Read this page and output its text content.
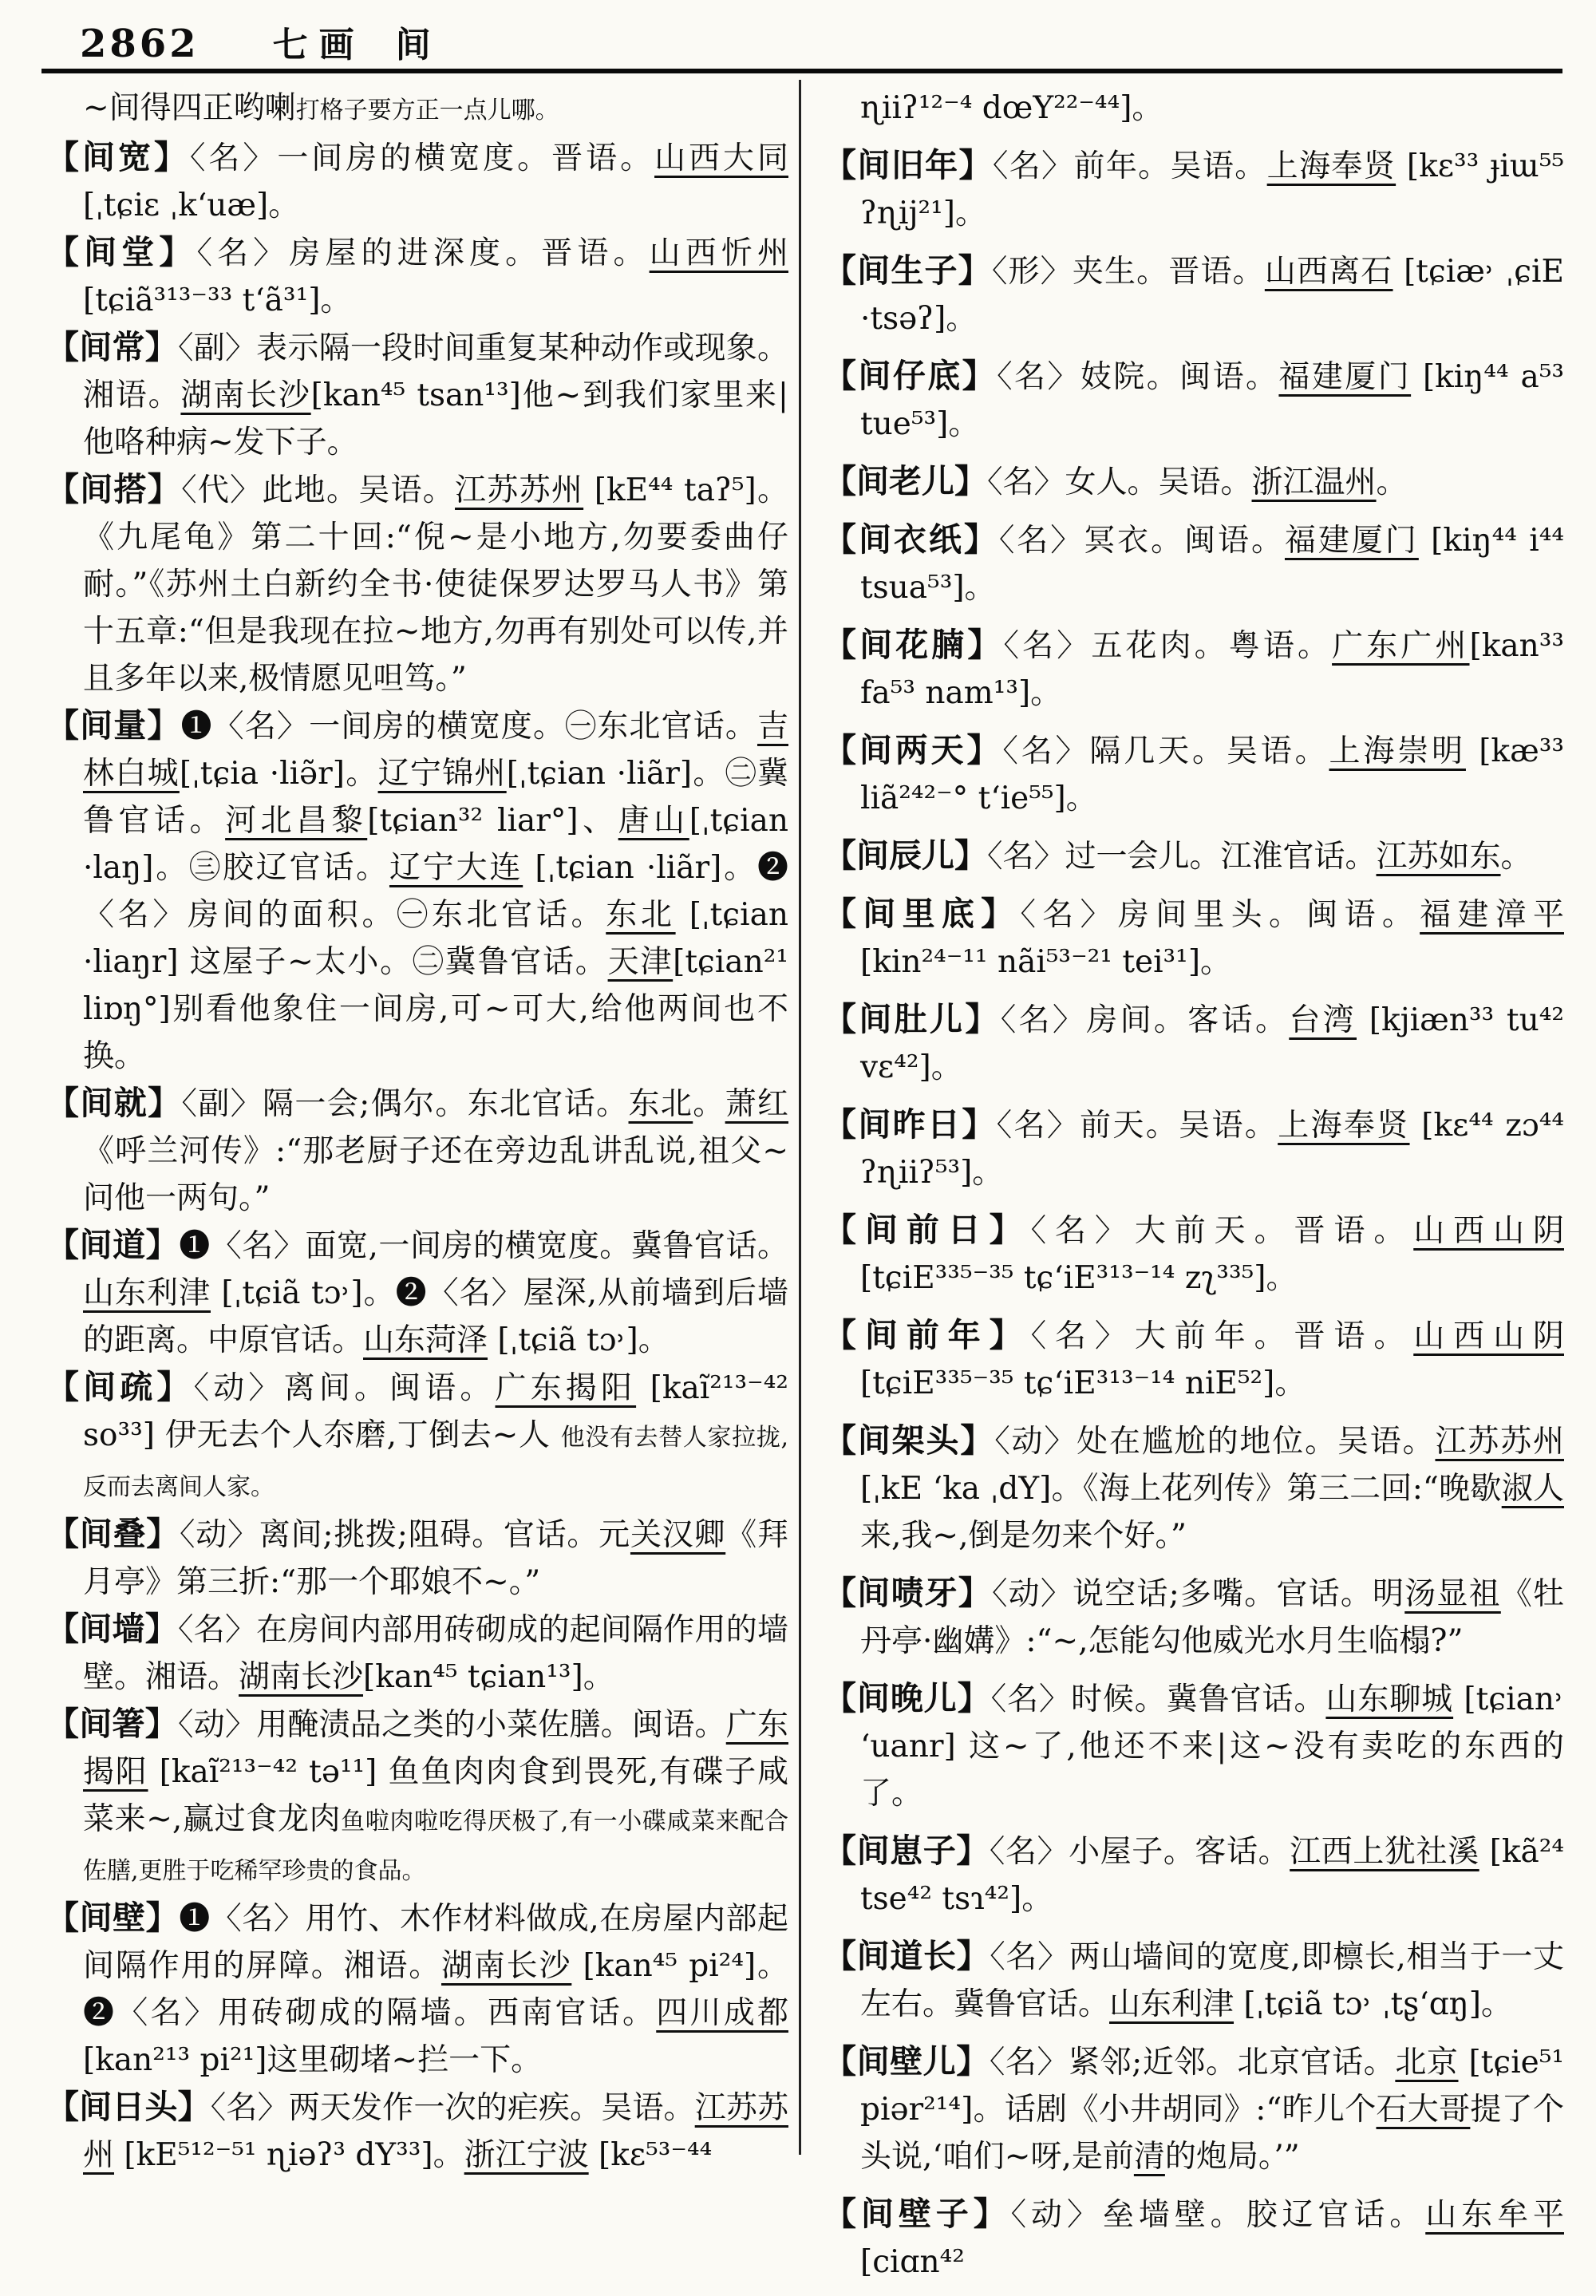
2862 七画 间

~间得四正哟喇打格子要方正一点儿哪。

【间宽】〈名〉一间房的横宽度。晋语。山西大同 [ˌtɕiɛ ˌkʻuæ]。

【间堂】〈名〉房屋的进深度。晋语。山西忻州[tɕiã³¹³⁻³³ tʻã³¹]。

【间常】〈副〉表示隔一段时间重复某种动作或现象。湘语。湖南长沙[kan⁴⁵ tsan¹³]他~到我们家里来|他咯种病~发下子。

【间搭】〈代〉此地。吴语。江苏苏州 [kE⁴⁴ taʔ⁵]。《九尾龟》第二十回:“倪~是小地方,勿要委曲仔耐。”《苏州土白新约全书·使徒保罗达罗马人书》第十五章:“但是我现在拉~地方,勿再有别处可以传,并且多年以来,极情愿见呾笃。”

【间量】❶〈名〉一间房的横宽度。㊀东北官话。吉林白城[ˌtɕia ·liə̃r]。辽宁锦州[ˌtɕian ·liãr]。㊁冀鲁官话。河北昌黎[tɕian³² liar°]、唐山[ˌtɕian ·laŋ]。㊂胶辽官话。辽宁大连 [ˌtɕian ·liãr]。❷〈名〉房间的面积。㊀东北官话。东北 [ˌtɕian ·liaŋr] 这屋子~太小。㊁冀鲁官话。天津[tɕian²¹ liɒŋ°]别看他象住一间房,可~可大,给他两间也不换。

【间就】〈副〉隔一会;偶尔。东北官话。东北。萧红《呼兰河传》:“那老厨子还在旁边乱讲乱说,祖父~问他一两句。”

【间道】❶〈名〉面宽,一间房的横宽度。冀鲁官话。山东利津 [ˌtɕiã tɔ˒]。❷〈名〉屋深,从前墙到后墙的距离。中原官话。山东菏泽 [ˌtɕiã tɔ˒]。

【间疏】〈动〉离间。闽语。广东揭阳 [kaĩ²¹³⁻⁴² so³³] 伊无去个人夵磨,丁倒去~人 他没有去替人家拉拢,反而去离间人家。

【间叠】〈动〉离间;挑拨;阻碍。官话。元关汉卿《拜月亭》第三折:“那一个耶娘不~。”

【间墙】〈名〉在房间内部用砖砌成的起间隔作用的墙壁。湘语。湖南长沙[kan⁴⁵ tɕian¹³]。

【间箸】〈动〉用醃渍品之类的小菜佐膳。闽语。广东揭阳 [kaĩ²¹³⁻⁴² tə¹¹] 鱼鱼肉肉食到畏死,有碟子咸菜来~,赢过食龙肉鱼啦肉啦吃得厌极了,有一小碟咸菜来配合佐膳,更胜于吃稀罕珍贵的食品。

【间壁】❶〈名〉用竹、木作材料做成,在房屋内部起间隔作用的屏障。湘语。湖南长沙 [kan⁴⁵ pi²⁴]。❷〈名〉用砖砌成的隔墙。西南官话。四川成都 [kan²¹³ pi²¹]这里砌堵~拦一下。

【间日头】〈名〉两天发作一次的疟疾。吴语。江苏苏州 [kE⁵¹²⁻⁵¹ ɳiəʔ³ dY³³]。浙江宁波 [kɛ⁵³⁻⁴⁴

ɳiiʔ¹²⁻⁴ dœY²²⁻⁴⁴]。

【间旧年】〈名〉前年。吴语。上海奉贤 [kɛ³³ ɟiɯ⁵⁵ ʔɳij²¹]。

【间生子】〈形〉夹生。晋语。山西离石 [tɕiæ˒ ˌɕiE ·tsəʔ]。

【间仔底】〈名〉妓院。闽语。福建厦门 [kiŋ⁴⁴ a⁵³ tue⁵³]。

【间老儿】〈名〉女人。吴语。浙江温州。

【间衣纸】〈名〉冥衣。闽语。福建厦门 [kiŋ⁴⁴ i⁴⁴ tsua⁵³]。

【间花腩】〈名〉五花肉。粤语。广东广州[kan³³ fa⁵³ nam¹³]。

【间两天】〈名〉隔几天。吴语。上海崇明 [kæ³³ liã²⁴²⁻° tʻie⁵⁵]。

【间辰儿】〈名〉过一会儿。江淮官话。江苏如东。

【间里底】〈名〉房间里头。闽语。福建漳平[kin²⁴⁻¹¹ nãi⁵³⁻²¹ tei³¹]。

【间肚儿】〈名〉房间。客话。台湾 [kjiæn³³ tu⁴² vɛ⁴²]。

【间昨日】〈名〉前天。吴语。上海奉贤 [kɛ⁴⁴ zɔ⁴⁴ ʔɳiiʔ⁵³]。

【间前日】〈名〉大前天。晋语。山西山阴 [tɕiE³³⁵⁻³⁵ tɕʻiE³¹³⁻¹⁴ zʅ³³⁵]。

【间前年】〈名〉大前年。晋语。山西山阴 [tɕiE³³⁵⁻³⁵ tɕʻiE³¹³⁻¹⁴ niE⁵²]。

【间架头】〈动〉处在尴尬的地位。吴语。江苏苏州 [ˌkE ʻka ˌdY]。《海上花列传》第三二回:“晚歇淑人来,我~,倒是勿来个好。”

【间啧牙】〈动〉说空话;多嘴。官话。明汤显祖《牡丹亭·幽媾》:“~,怎能勾他威光水月生临榻?”

【间晚儿】〈名〉时候。冀鲁官话。山东聊城 [tɕian˒ ʻuanr] 这~了,他还不来|这~没有卖吃的东西的了。

【间崽子】〈名〉小屋子。客话。江西上犹社溪 [kã²⁴ tse⁴² tsɿ⁴²]。

【间道长】〈名〉两山墙间的宽度,即檩长,相当于一丈左右。冀鲁官话。山东利津 [ˌtɕiã tɔ˒ ˌtʂʻɑŋ]。

【间壁儿】〈名〉紧邻;近邻。北京官话。北京 [tɕie⁵¹ piər²¹⁴]。话剧《小井胡同》:“昨儿个石大哥提了个头说,‘咱们~呀,是前清的炮局。’”

【间壁子】〈动〉垒墙壁。胶辽官话。山东牟平[ciɑn⁴²
